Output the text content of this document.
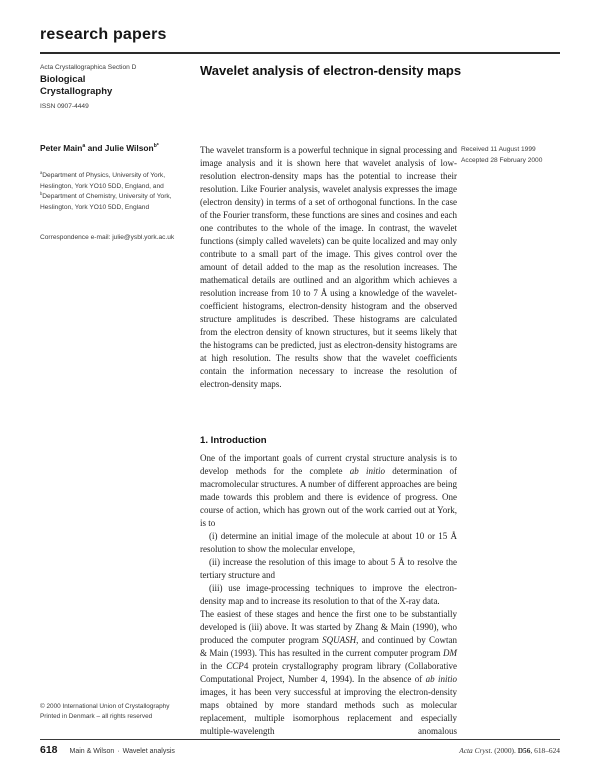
research papers

Acta Crystallographica Section D

Biological

Crystallography

ISSN 0907-4449

Peter Main$^a$ and Julie Wilson$^{b*}$
$^a$Department of Physics, University of York, Heslington, York YO10 5DD, England, and $^b$Department of Chemistry, University of York, Heslington, York YO10 5DD, England
Correspondence e-mail: julie@ysbl.york.ac.uk
Wavelet analysis of electron-density maps
Received 11 August 1999
Accepted 28 February 2000
The wavelet transform is a powerful technique in signal processing and image analysis and it is shown here that wavelet analysis of low-resolution electron-density maps has the potential to increase their resolution. Like Fourier analysis, wavelet analysis expresses the image (electron density) in terms of a set of orthogonal functions. In the case of the Fourier transform, these functions are sines and cosines and each one contributes to the whole of the image. In contrast, the wavelet functions (simply called wavelets) can be quite localized and may only contribute to a small part of the image. This gives control over the amount of detail added to the map as the resolution increases. The mathematical details are outlined and an algorithm which achieves a resolution increase from 10 to 7 Å using a knowledge of the wavelet-coefficient histograms, electron-density histogram and the observed structure amplitudes is described. These histograms are calculated from the electron density of known structures, but it seems likely that the histograms can be predicted, just as electron-density histograms are at high resolution. The results show that the wavelet coefficients contain the information necessary to increase the resolution of electron-density maps.
1. Introduction

One of the important goals of current crystal structure analysis is to develop methods for the complete ab initio determination of macromolecular structures. A number of different approaches are being made towards this problem and there is evidence of progress. One course of action, which has grown out of the work carried out at York, is to

(i) determine an initial image of the molecule at about 10 or 15 Å resolution to show the molecular envelope,

(ii) increase the resolution of this image to about 5 Å to resolve the tertiary structure and

(iii) use image-processing techniques to improve the electron-density map and to increase its resolution to that of the X-ray data.

The easiest of these stages and hence the first one to be substantially developed is (iii) above. It was started by Zhang & Main (1990), who produced the computer program SQUASH, and continued by Cowtan & Main (1993). This has resulted in the current computer program DM in the CCP4 protein crystallography program library (Collaborative Computational Project, Number 4, 1994). In the absence of ab initio images, it has been very successful at improving the electron-density maps obtained by more standard methods such as molecular replacement, multiple isomorphous replacement and especially multiple-wavelength anomalous

© 2000 International Union of Crystallography
Printed in Denmark – all rights reserved
618 Main & Wilson · Wavelet analysis	Acta Cryst. (2000). D56, 618–624
